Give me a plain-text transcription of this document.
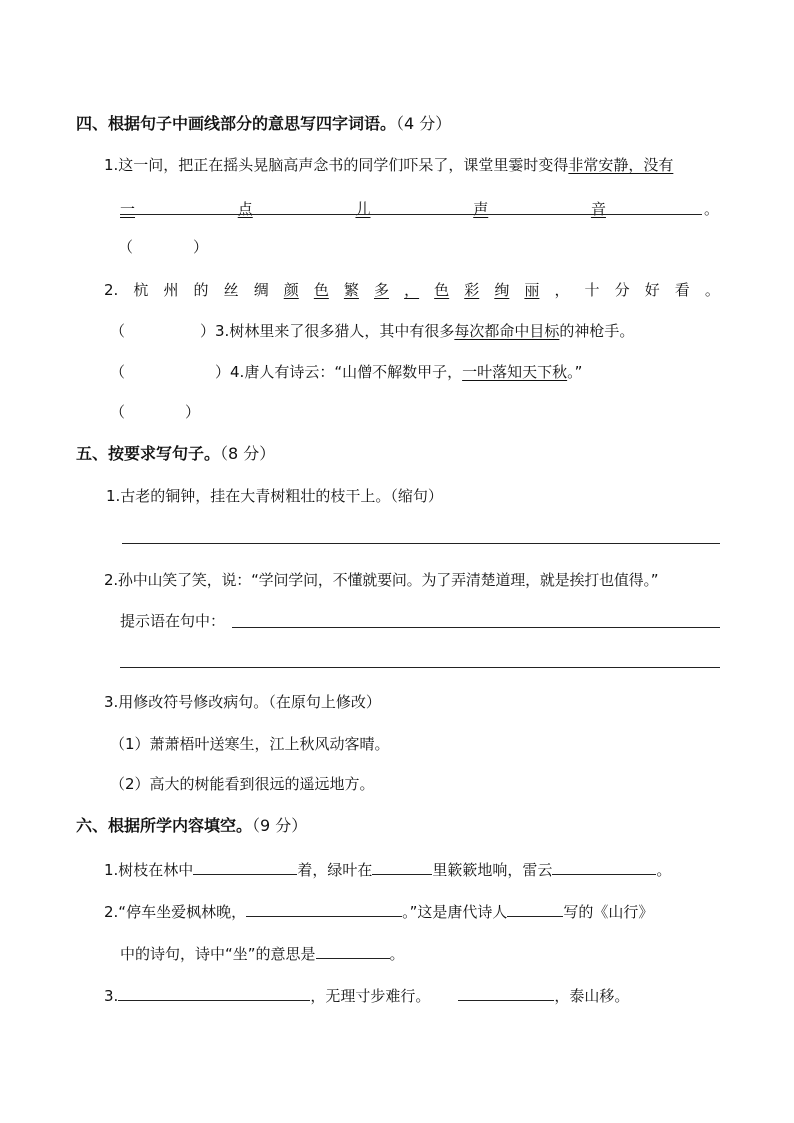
四、根据句子中画线部分的意思写四字词语。（4 分）
1.这一问，把正在摇头晃脑高声念书的同学们吓呆了，课堂里霎时变得非常安静，没有
一	点	儿	声	音	。
（　　　　）
2. 杭 州 的 丝 绸 颜 色 繁 多 ， 色 彩 绚 丽 ， 十 分 好 看 。
（　　　　　）3.树林里来了很多猎人，其中有很多每次都命中目标的神枪手。
（　　　　　　）4.唐人有诗云：“山僧不解数甲子，一叶落知天下秋。”
（　　　　）
五、按要求写句子。（8 分）
1.古老的铜钟，挂在大青树粗壮的枝干上。（缩句）
2.孙中山笑了笑，说：“学问学问，不懂就要问。为了弄清楚道理，就是挨打也值得。”
提示语在句中：
3.用修改符号修改病句。（在原句上修改）
（1）萧萧梧叶送寒生，江上秋风动客晴。
（2）高大的树能看到很远的遥远地方。
六、根据所学内容填空。（9 分）
1.树枝在林中	着，绿叶在	里簌簌地响，雷云	。
2.“停车坐爱枫林晚，	。”这是唐代诗人	写的《山行》
中的诗句，诗中“坐”的意思是	。
3.	，无理寸步难行。	，泰山移。
